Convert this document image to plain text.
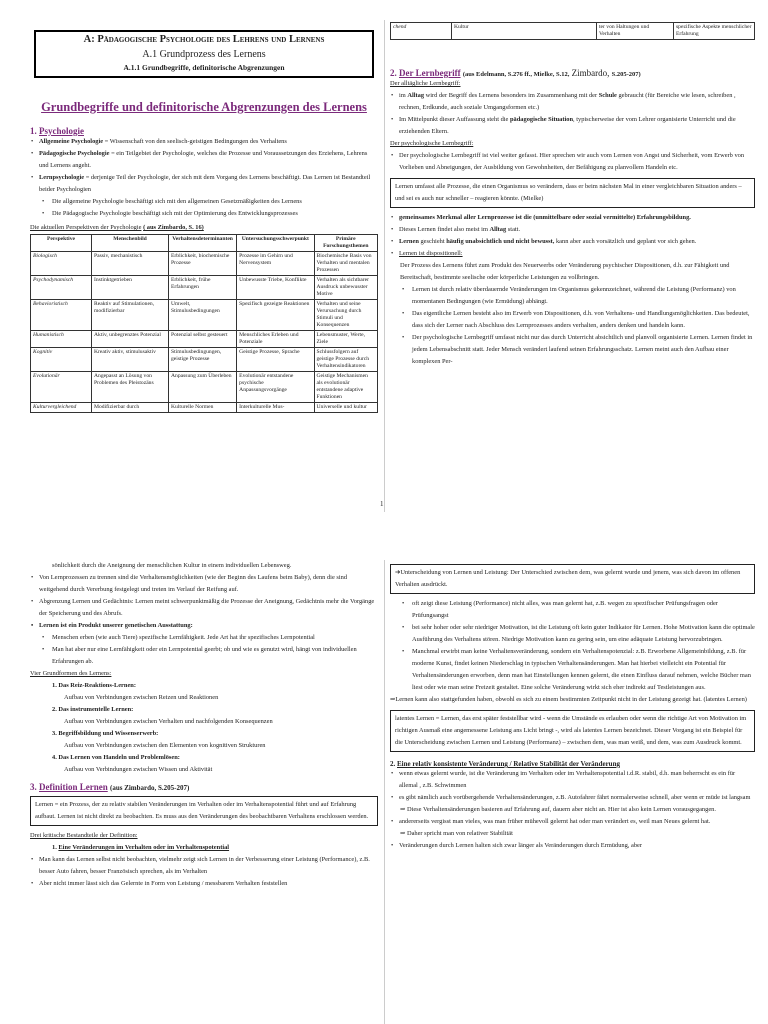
A: Pädagogische Psychologie des Lehrens und Lernens
A.1 Grundprozess des Lernens
A.1.1 Grundbegriffe, definitorische Abgrenzungen
Grundbegriffe und definitorische Abgrenzungen des Lernens
1. Psychologie
• Allgemeine Psychologie = Wissenschaft von den seelisch-geistigen Bedingungen des Verhaltens
• Pädagogische Psychologie = ein Teilgebiet der Psychologie, welches die Prozesse und Voraussetzungen des Erziehens, Lehrens und Lernens angeht.
• Lernpsychologie = derjenige Teil der Psychologie, der sich mit dem Vorgang des Lernens beschäftigt. Das Lernen ist Bestandteil beider Psychologien
• Die allgemeine Psychologie beschäftigt sich mit den allgemeinen Gesetzmäßigkeiten des Lernens
• Die Pädagogische Psychologie beschäftigt sich mit der Optimierung des Entwicklungsprozesses
Die aktuellen Perspektiven der Psychologie ( aus Zimbardo, S. 16)
Perspektive	Menschenbild	Verhaltensdeterminanten	Untersuchungsschwerpunkt	Primäre Forschungsthemen
Biologisch	Passiv, mechanistisch	Erblichkeit, biochemische Prozesse	Prozesse im Gehirn und Nervensystem	Biochemische Basis von Verhalten und mentalen Prozessen
Psychodynamisch	Instinktgetrieben	Erblichkeit, frühe Erfahrungen	Unbewusste Triebe, Konflikte	Verhalten als sichtbarer Ausdruck unbewusster Motive
Behavioristisch	Reaktiv auf Stimulationen, modifizierbar	Umwelt, Stimulusbedingungen	Spezifisch gezeigte Reaktionen	Verhalten und seine Verursachung durch Stimuli und Konsequenzen
Humanistisch	Aktiv, unbegrenztes Potenzial	Potenzial selbst gesteuert	Menschliches Erleben und Potenziale	Lebensmuster, Werte, Ziele
Kognitiv	Kreativ aktiv, stimulusaktiv	Stimulusbedingungen, geistige Prozesse	Geistige Prozesse, Sprache	Schlussfolgern auf geistige Prozesse durch Verhaltensindikatoren
Evolutionär	Angepasst an Lösung von Problemen des Pleistozäns	Anpassung zum Überleben	Evolutionär entstandene psychische Anpassungsvorgänge	Geistige Mechanismen als evolutionär entstandene adaptive Funktionen
Kulturvergleichend	Modifizierbar durch	Kulturelle Normen	Interkulturelle Mus-	Universelle und kultur
chend	Kultur	ter von Haltungen und Verhalten	spezifische Aspekte menschlicher Erfahrung
2. Der Lernbegriff (aus Edelmann, S.276 ff., Mielke, S.12, Zimbardo, S.205-207)
Der alltägliche Lernbegriff:
• im Alltag wird der Begriff des Lernens besonders im Zusammenhang mit der Schule gebraucht (für Bereiche wie lesen, schreiben , rechnen, Erdkunde, auch soziale Umgangsformen etc.)
• Im Mittelpunkt dieser Auffassung steht die pädagogische Situation, typischerweise der vom Lehrer organisierte Unterricht und die erziehenden Eltern.
Der psychologische Lernbegriff:
• Der psychologische Lernbegriff ist viel weiter gefasst. Hier sprechen wir auch vom Lernen von Angst und Sicherheit, vom Erwerb von Vorlieben und Abneigungen, der Ausbildung von Gewohnheiten, der Befähigung zu planvollem Handeln etc.
Lernen umfasst alle Prozesse, die einen Organismus so verändern, dass er beim nächsten Mal in einer vergleichbaren Situation anders – und sei es auch nur schneller – reagieren könnte. (Mielke)
• gemeinsames Merkmal aller Lernprozesse ist die (unmittelbare oder sozial vermittelte) Erfahrungsbildung.
• Dieses Lernen findet also meist im Alltag statt.
• Lernen geschieht häufig unabsichtlich und nicht bewusst, kann aber auch vorsätzlich und geplant vor sich gehen.
• Lernen ist dispositionell:
Der Prozess des Lernens führt zum Produkt des Neuerwerbs oder Veränderung psychischer Dispositionen, d.h. zur Fähigkeit und Bereitschaft, bestimmte seelische oder körperliche Leistungen zu vollbringen.
• Lernen ist durch relativ überdauernde Veränderungen im Organismus gekennzeichnet, während die Leistung (Performanz) von momentanen Bedingungen (wie Ermüdung) abhängt.
• Das eigentliche Lernen besteht also im Erwerb von Dispositionen, d.h. von Verhaltens- und Handlungsmöglichkeiten. Das bedeutet, dass sich der Lerner nach Abschluss des Lernprozesses anders verhalten, anders denken und handeln kann.
• Der psychologische Lernbegriff umfasst nicht nur das durch Unterricht absichtlich und planvoll organisierte Lernen. Lernen findet in jedem Lebensabschnitt statt. Jeder Mensch verändert laufend seinen Erfahrungsschatz. Lernen meint auch den Aufbau einer komplexen Per-
1
sönlichkeit durch die Aneignung der menschlichen Kultur in einem individuellen Lebensweg.
• Von Lernprozessen zu trennen sind die Verhaltensmöglichkeiten (wie der Beginn des Laufens beim Baby), denn die sind weitgehend durch Vererbung festgelegt und treten im Verlauf der Reifung auf.
• Abgrenzung Lernen und Gedächtnis: Lernen meint schwerpunktmäßig die Prozesse der Aneignung, Gedächtnis mehr die Vorgänge der Speicherung und des Abrufs.
• Lernen ist ein Produkt unserer genetischen Ausstattung:
• Menschen erben (wie auch Tiere) spezifische Lernfähigkeit. Jede Art hat ihr spezifisches Lernpotential
• Man hat aber nur eine Lernfähigkeit oder ein Lernpotential geerbt; ob und wie es genutzt wird, hängt von individuellen Erfahrungen ab.
Vier Grundformen des Lernens:
1. Das Reiz-Reaktions-Lernen:
Aufbau von Verbindungen zwischen Reizen und Reaktionen
2. Das instrumentelle Lernen:
Aufbau von Verbindungen zwischen Verhalten und nachfolgenden Konsequenzen
3. Begriffsbildung und Wissenserwerb:
Aufbau von Verbindungen zwischen den Elementen von kognitiven Strukturen
4. Das Lernen von Handeln und Problemlösen:
Aufbau von Verbindungen zwischen Wissen und Aktivität
3. Definition Lernen (aus Zimbardo, S.205-207)
Lernen = ein Prozess, der zu relativ stabilen Veränderungen im Verhalten oder im Verhaltenspotential führt und auf Erfahrung aufbaut. Lernen ist nicht direkt zu beobachten. Es muss aus den Veränderungen des beobachtbaren Verhaltens erschlossen werden.
Drei kritische Bestandteile der Definition:
1. Eine Veränderungen im Verhalten oder im Verhaltenspotential
• Man kann das Lernen selbst nicht beobachten, vielmehr zeigt sich Lernen in der Verbesserung einer Leistung (Performance), z.B. besser Auto fahren, besser Französisch sprechen, als im Verhalten
• Aber nicht immer lässt sich das Gelernte in Form von Leistung / messbarem Verhalten feststellen
➔Unterscheidung von Lernen und Leistung: Der Unterschied zwischen dem, was gelernt wurde und jenem, was sich davon im offenen Verhalten ausdrückt.
• oft zeigt diese Leistung (Performance) nicht alles, was man gelernt hat, z.B. wegen zu spezifischer Prüfungsfragen oder Prüfungsangst
• bei sehr hoher oder sehr niedriger Motivation, ist die Leistung oft kein guter Indikator für Lernen. Hohe Motivation kann die optimale Ausführung des Verhaltens stören. Niedrige Motivation kann zu gering sein, um eine adäquate Leistung hervorzubringen.
• Manchmal erwirbt man keine Verhaltensveränderung, sondern ein Verhaltenspotenzial: z.B. Erworbene Allgemeinbildung, z.B. für moderne Kunst, findet keinen Niederschlag in typischen Verhaltensänderungen. Man hat hierbei vielleicht ein Potential für Verhaltensänderungen erworben, denn man hat Einstellungen kennen gelernt, die einen Einfluss darauf nehmen, welche Bücher man liest oder wie man seine Freizeit gestaltet. Eine solche Veränderung wirkt sich eher indirekt auf Testleistungen aus.
⇒Lernen kann also stattgefunden haben, obwohl es sich zu einem bestimmten Zeitpunkt nicht in der Leistung gezeigt hat. (latentes Lernen)
latentes Lernen = Lernen, das erst später feststellbar wird - wenn die Umstände es erlauben oder wenn die richtige Art von Motivation im richtigen Ausmaß eine angemessene Leistung ans Licht bringt -, wird als latentes Lernen bezeichnet. Dieser Vorgang ist ein Beispiel für die Unterscheidung zwischen Lernen und Leistung (Performanz) – zwischen dem, was man weiß, und dem, was zum Ausdruck kommt.
2. Eine relativ konsistente Veränderung / Relative Stabilität der Veränderung
• wenn etwas gelernt wurde, ist die Veränderung im Verhalten oder im Verhaltenspotential i.d.R. stabil, d.h. man beherrscht es ein für allemal , z.B. Schwimmen
• es gibt nämlich auch vorübergehende Verhaltensänderungen, z.B. Autofahrer fährt normalerweise schnell, aber wenn er müde ist langsam
⇒ Diese Verhaltensänderungen basieren auf Erfahrung auf, dauern aber nicht an. Hier ist also kein Lernen vorausgegangen.
• andererseits vergisst man vieles, was man früher mühevoll gelernt hat oder man verändert es, weil man Neues gelernt hat.
⇒ Daher spricht man von relativer Stabilität
• Veränderungen durch Lernen halten sich zwar länger als Veränderungen durch Ermüdung, aber
